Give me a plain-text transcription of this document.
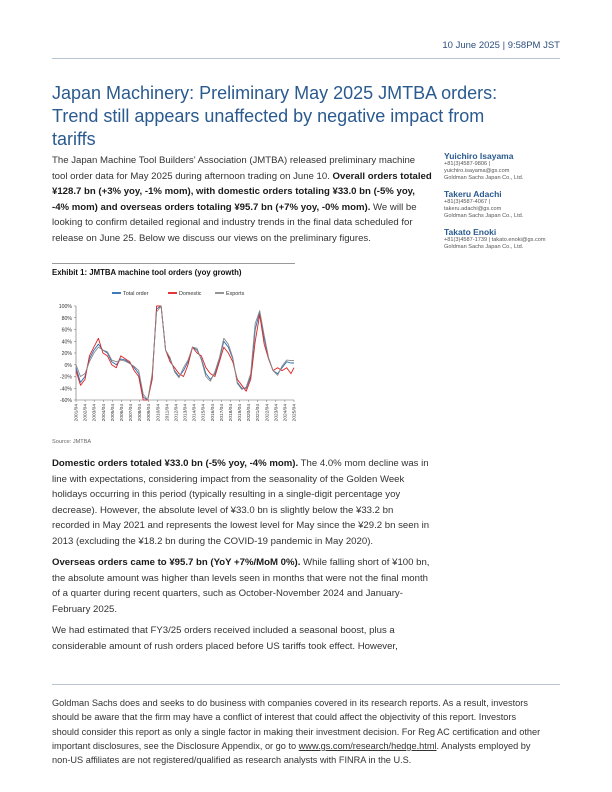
10 June 2025 | 9:58PM JST
Japan Machinery: Preliminary May 2025 JMTBA orders: Trend still appears unaffected by negative impact from tariffs

The Japan Machine Tool Builders’ Association (JMTBA) released preliminary machine tool order data for May 2025 during afternoon trading on June 10. Overall orders totaled ¥128.7 bn (+3% yoy, -1% mom), with domestic orders totaling ¥33.0 bn (-5% yoy, -4% mom) and overseas orders totaling ¥95.7 bn (+7% yoy, -0% mom). We will be looking to confirm detailed regional and industry trends in the final data scheduled for release on June 25. Below we discuss our views on the preliminary figures.

Yuichiro Isayama
+81(3)4587-9806 |
yuichiro.isayama@gs.com
Goldman Sachs Japan Co., Ltd.
Takeru Adachi
+81(3)4587-4067 |
takeru.adachi@gs.com
Goldman Sachs Japan Co., Ltd.
Takato Enoki
+81(3)4587-1739 | takato.enoki@gs.com
Goldman Sachs Japan Co., Ltd.
Exhibit 1: JMTBA machine tool orders (yoy growth)
100%
80%
60%
40%
20%
0%
-20%
-40%
-60%
2001/04 2002/04 2003/04 2004/04 2005/04 2006/04 2007/04 2008/04 2009/04 2010/04 2011/04 2012/04 2013/04 2014/04 2015/04 2016/04 2017/04 2018/04 2019/04 2020/04 2021/04 2022/04 2023/04 2024/04 2025/04
Total order	Domestic	Exports
Source: JMTBA

Domestic orders totaled ¥33.0 bn (-5% yoy, -4% mom). The 4.0% mom decline was in line with expectations, considering impact from the seasonality of the Golden Week holidays occurring in this period (typically resulting in a single-digit percentage yoy decrease). However, the absolute level of ¥33.0 bn is slightly below the ¥33.2 bn recorded in May 2021 and represents the lowest level for May since the ¥29.2 bn seen in 2013 (excluding the ¥18.2 bn during the COVID-19 pandemic in May 2020).

Overseas orders came to ¥95.7 bn (YoY +7%/MoM 0%). While falling short of ¥100 bn, the absolute amount was higher than levels seen in months that were not the final month of a quarter during recent quarters, such as October-November 2024 and January-February 2025.

We had estimated that FY3/25 orders received included a seasonal boost, plus a considerable amount of rush orders placed before US tariffs took effect. However,

Goldman Sachs does and seeks to do business with companies covered in its research reports. As a result, investors should be aware that the firm may have a conflict of interest that could affect the objectivity of this report. Investors should consider this report as only a single factor in making their investment decision. For Reg AC certification and other important disclosures, see the Disclosure Appendix, or go to www.gs.com/research/hedge.html. Analysts employed by non-US affiliates are not registered/qualified as research analysts with FINRA in the U.S.
